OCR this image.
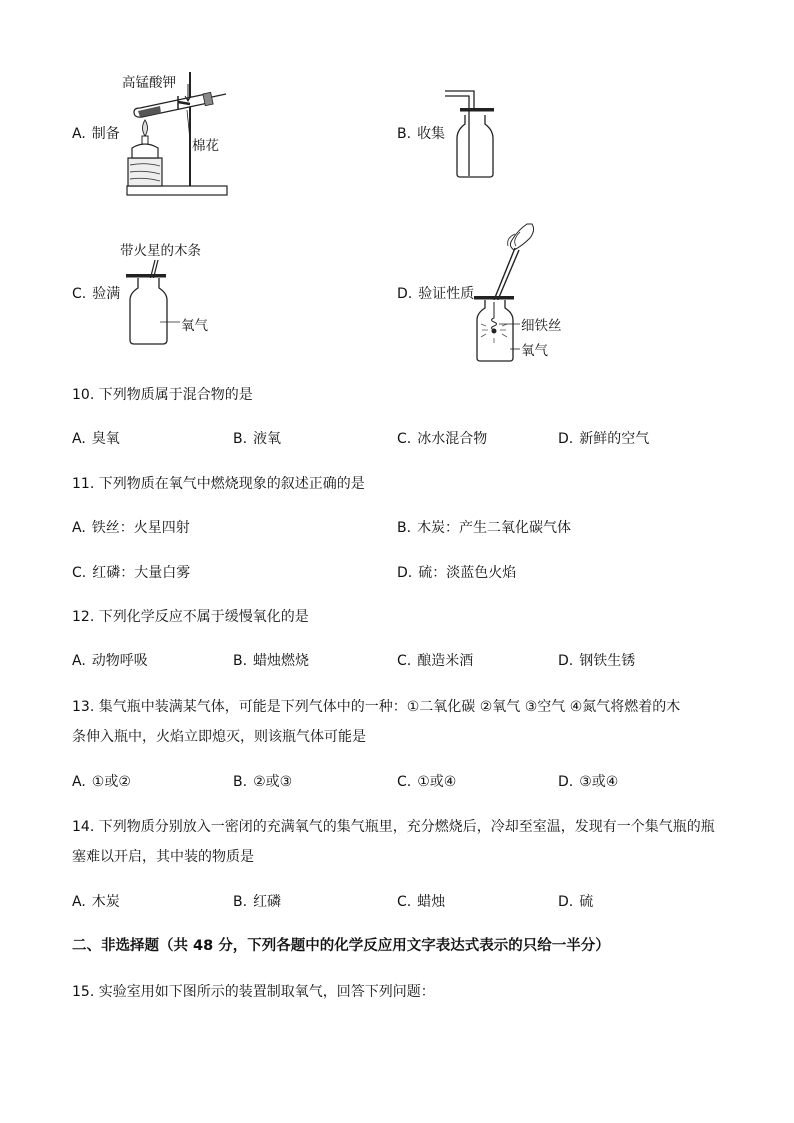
A. 制备
高锰酸钾
棉花
B. 收集
C. 验满
带火星的木条
氧气
D. 验证性质
细铁丝
氧气
10. 下列物质属于混合物的是
A. 臭氧	B. 液氧	C. 冰水混合物	D. 新鲜的空气
11. 下列物质在氧气中燃烧现象的叙述正确的是
A. 铁丝：火星四射	B. 木炭：产生二氧化碳气体
C. 红磷：大量白雾	D. 硫：淡蓝色火焰
12. 下列化学反应不属于缓慢氧化的是
A. 动物呼吸	B. 蜡烛燃烧	C. 酿造米酒	D. 钢铁生锈
13. 集气瓶中装满某气体，可能是下列气体中的一种：①二氧化碳 ②氧气 ③空气 ④氮气将燃着的木
条伸入瓶中，火焰立即熄灭，则该瓶气体可能是
A. ①或②	B. ②或③	C. ①或④	D. ③或④
14. 下列物质分别放入一密闭的充满氧气的集气瓶里，充分燃烧后，冷却至室温，发现有一个集气瓶的瓶
塞难以开启，其中装的物质是
A. 木炭	B. 红磷	C. 蜡烛	D. 硫
二、非选择题（共 48 分，下列各题中的化学反应用文字表达式表示的只给一半分）
15. 实验室用如下图所示的装置制取氧气，回答下列问题：
